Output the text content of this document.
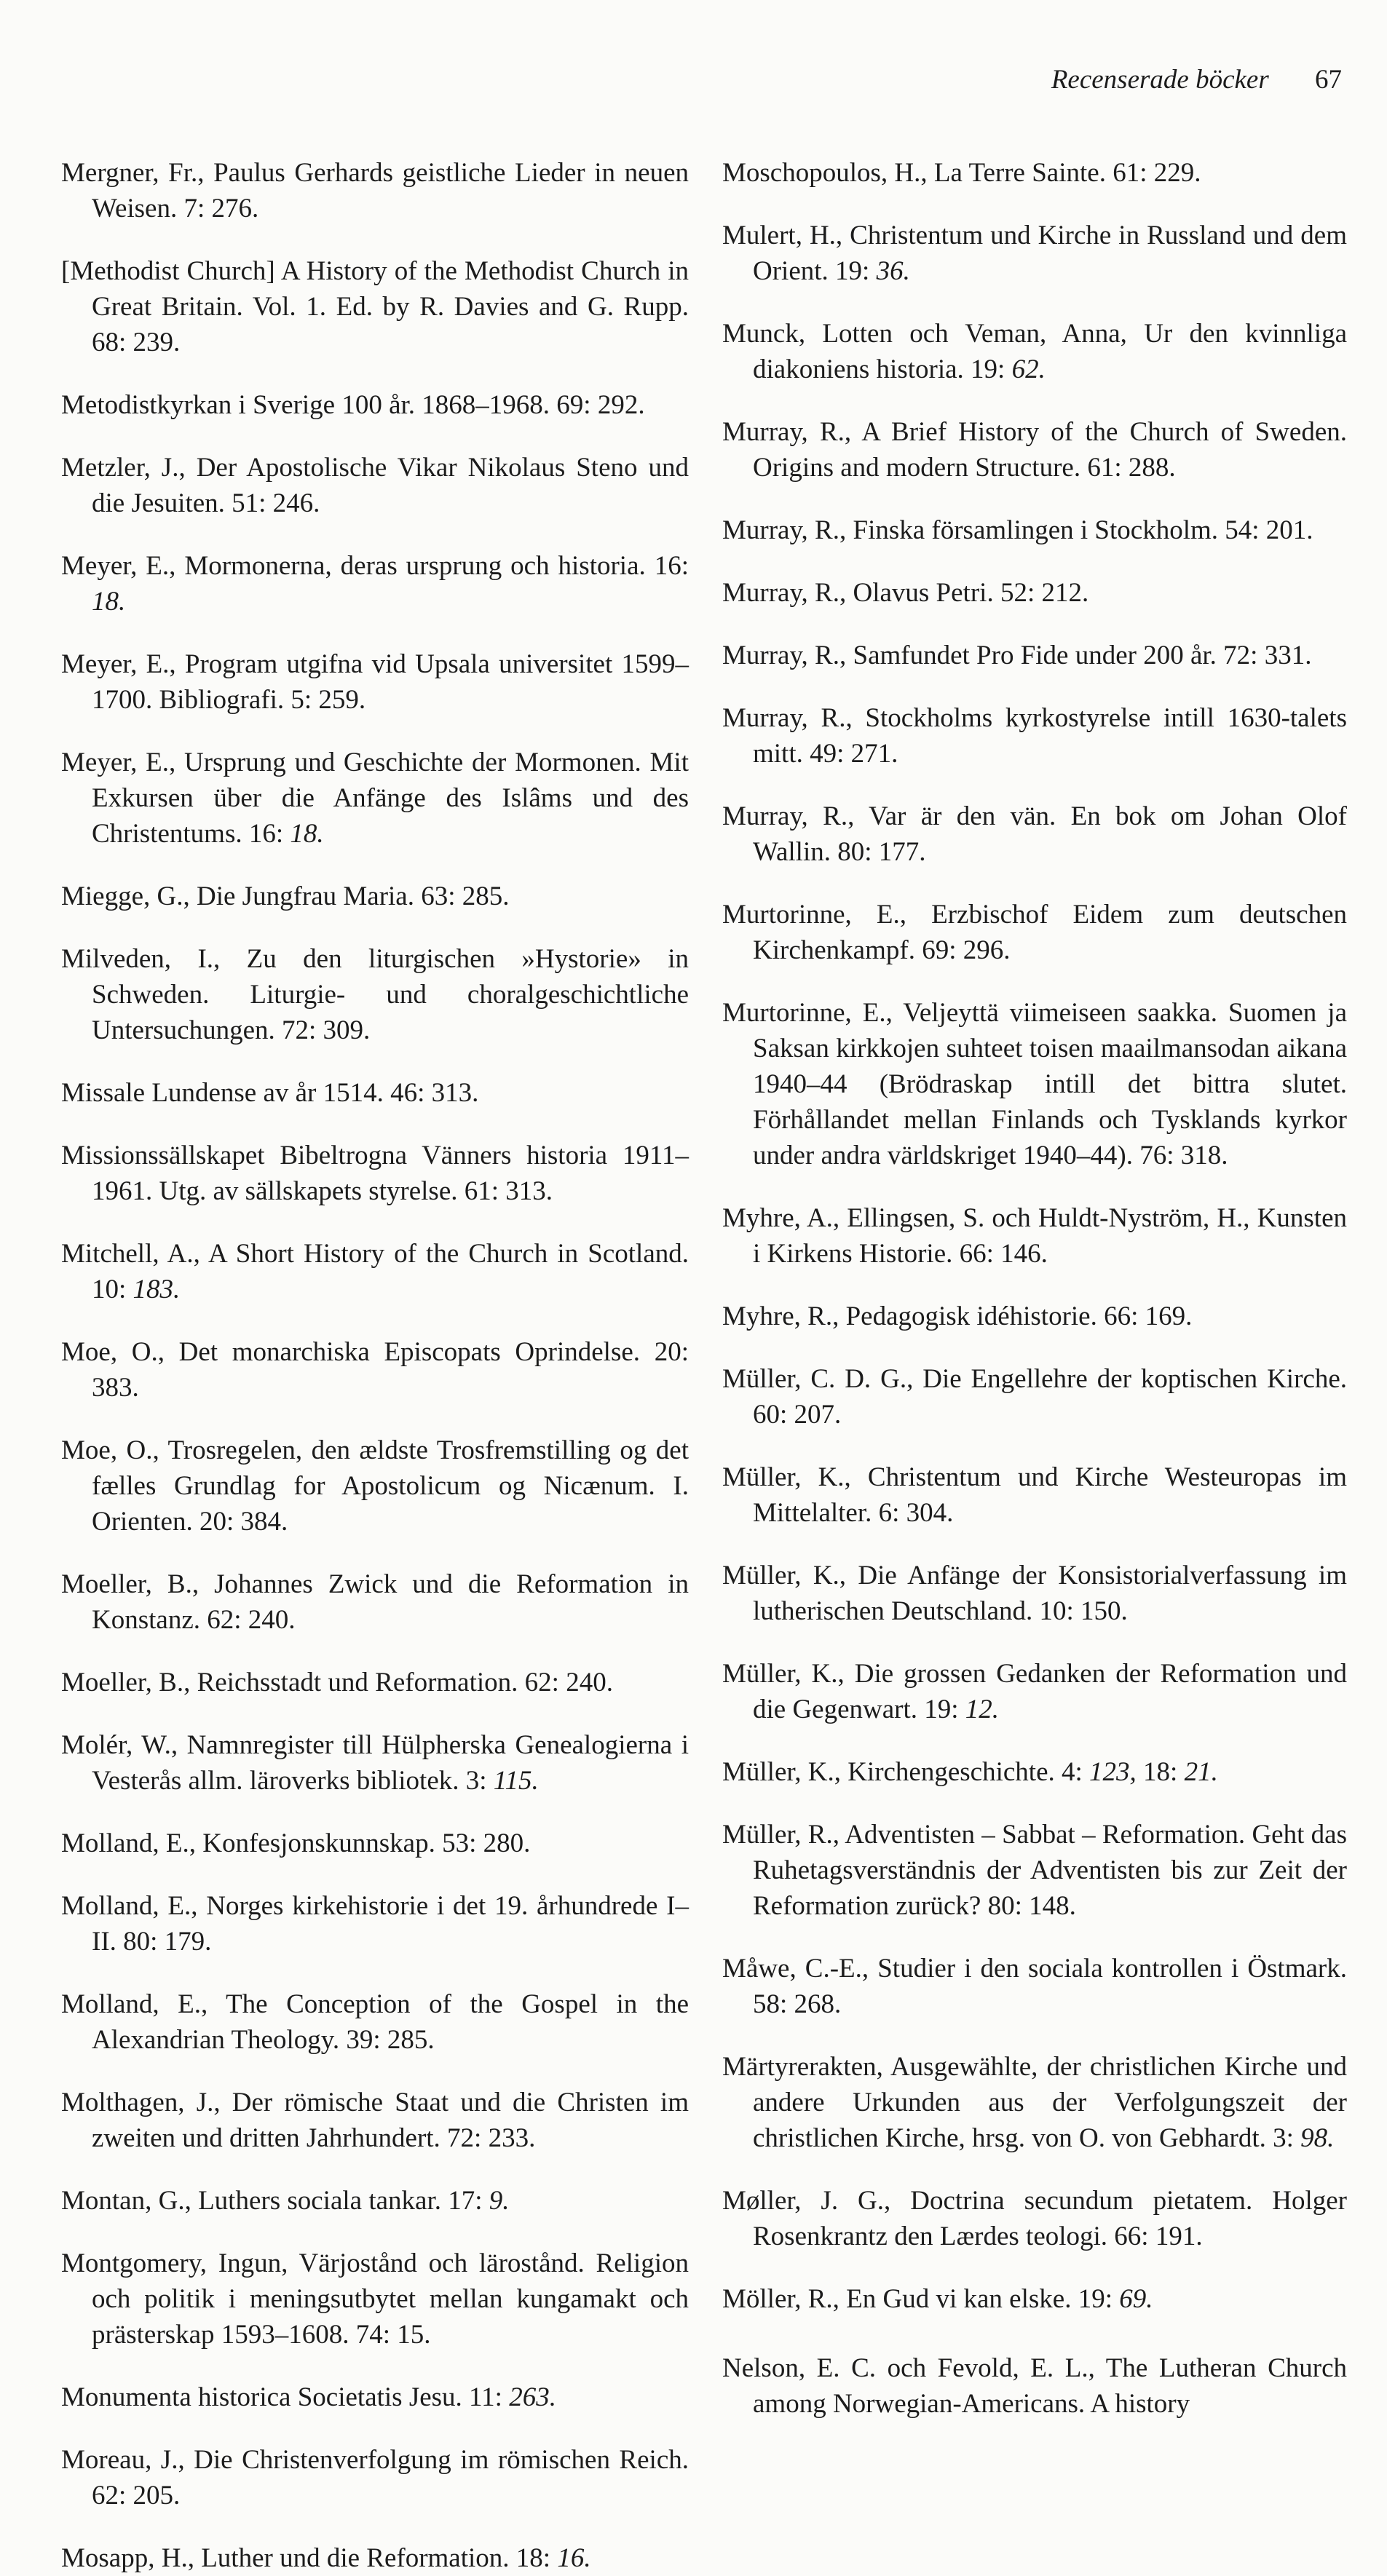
Recenserade böcker 67

Mergner, Fr., Paulus Gerhards geistliche Lieder in neuen Weisen. 7: 276.

[Methodist Church] A History of the Methodist Church in Great Britain. Vol. 1. Ed. by R. Davies and G. Rupp. 68: 239.

Metodistkyrkan i Sverige 100 år. 1868–1968. 69: 292.

Metzler, J., Der Apostolische Vikar Nikolaus Steno und die Jesuiten. 51: 246.

Meyer, E., Mormonerna, deras ursprung och historia. 16: 18.

Meyer, E., Program utgifna vid Upsala universitet 1599–1700. Bibliografi. 5: 259.

Meyer, E., Ursprung und Geschichte der Mormonen. Mit Exkursen über die Anfänge des Islâms und des Christentums. 16: 18.

Miegge, G., Die Jungfrau Maria. 63: 285.

Milveden, I., Zu den liturgischen »Hystorie» in Schweden. Liturgie- und choralgeschichtliche Untersuchungen. 72: 309.

Missale Lundense av år 1514. 46: 313.

Missionssällskapet Bibeltrogna Vänners historia 1911–1961. Utg. av sällskapets styrelse. 61: 313.

Mitchell, A., A Short History of the Church in Scotland. 10: 183.

Moe, O., Det monarchiska Episcopats Oprindelse. 20: 383.

Moe, O., Trosregelen, den ældste Trosfremstilling og det fælles Grundlag for Apostolicum og Nicænum. I. Orienten. 20: 384.

Moeller, B., Johannes Zwick und die Reformation in Konstanz. 62: 240.

Moeller, B., Reichsstadt und Reformation. 62: 240.

Molér, W., Namnregister till Hülpherska Genealogierna i Vesterås allm. läroverks bibliotek. 3: 115.

Molland, E., Konfesjonskunnskap. 53: 280.

Molland, E., Norges kirkehistorie i det 19. århundrede I–II. 80: 179.

Molland, E., The Conception of the Gospel in the Alexandrian Theology. 39: 285.

Molthagen, J., Der römische Staat und die Christen im zweiten und dritten Jahrhundert. 72: 233.

Montan, G., Luthers sociala tankar. 17: 9.

Montgomery, Ingun, Värjostånd och lärostånd. Religion och politik i meningsutbytet mellan kungamakt och prästerskap 1593–1608. 74: 15.

Monumenta historica Societatis Jesu. 11: 263.

Moreau, J., Die Christenverfolgung im römischen Reich. 62: 205.

Mosapp, H., Luther und die Reformation. 18: 16.

Moschopoulos, H., La Terre Sainte. 61: 229.

Mulert, H., Christentum und Kirche in Russland und dem Orient. 19: 36.

Munck, Lotten och Veman, Anna, Ur den kvinnliga diakoniens historia. 19: 62.

Murray, R., A Brief History of the Church of Sweden. Origins and modern Structure. 61: 288.

Murray, R., Finska församlingen i Stockholm. 54: 201.

Murray, R., Olavus Petri. 52: 212.

Murray, R., Samfundet Pro Fide under 200 år. 72: 331.

Murray, R., Stockholms kyrkostyrelse intill 1630-talets mitt. 49: 271.

Murray, R., Var är den vän. En bok om Johan Olof Wallin. 80: 177.

Murtorinne, E., Erzbischof Eidem zum deutschen Kirchenkampf. 69: 296.

Murtorinne, E., Veljeyttä viimeiseen saakka. Suomen ja Saksan kirkkojen suhteet toisen maailmansodan aikana 1940–44 (Brödraskap intill det bittra slutet. Förhållandet mellan Finlands och Tysklands kyrkor under andra världskriget 1940–44). 76: 318.

Myhre, A., Ellingsen, S. och Huldt-Nyström, H., Kunsten i Kirkens Historie. 66: 146.

Myhre, R., Pedagogisk idéhistorie. 66: 169.

Müller, C. D. G., Die Engellehre der koptischen Kirche. 60: 207.

Müller, K., Christentum und Kirche Westeuropas im Mittelalter. 6: 304.

Müller, K., Die Anfänge der Konsistorialverfassung im lutherischen Deutschland. 10: 150.

Müller, K., Die grossen Gedanken der Reformation und die Gegenwart. 19: 12.

Müller, K., Kirchengeschichte. 4: 123, 18: 21.

Müller, R., Adventisten – Sabbat – Reformation. Geht das Ruhetagsverständnis der Adventisten bis zur Zeit der Reformation zurück? 80: 148.

Måwe, C.-E., Studier i den sociala kontrollen i Östmark. 58: 268.

Märtyrerakten, Ausgewählte, der christlichen Kirche und andere Urkunden aus der Verfolgungszeit der christlichen Kirche, hrsg. von O. von Gebhardt. 3: 98.

Møller, J. G., Doctrina secundum pietatem. Holger Rosenkrantz den Lærdes teologi. 66: 191.

Möller, R., En Gud vi kan elske. 19: 69.

Nelson, E. C. och Fevold, E. L., The Lutheran Church among Norwegian-Americans. A history
